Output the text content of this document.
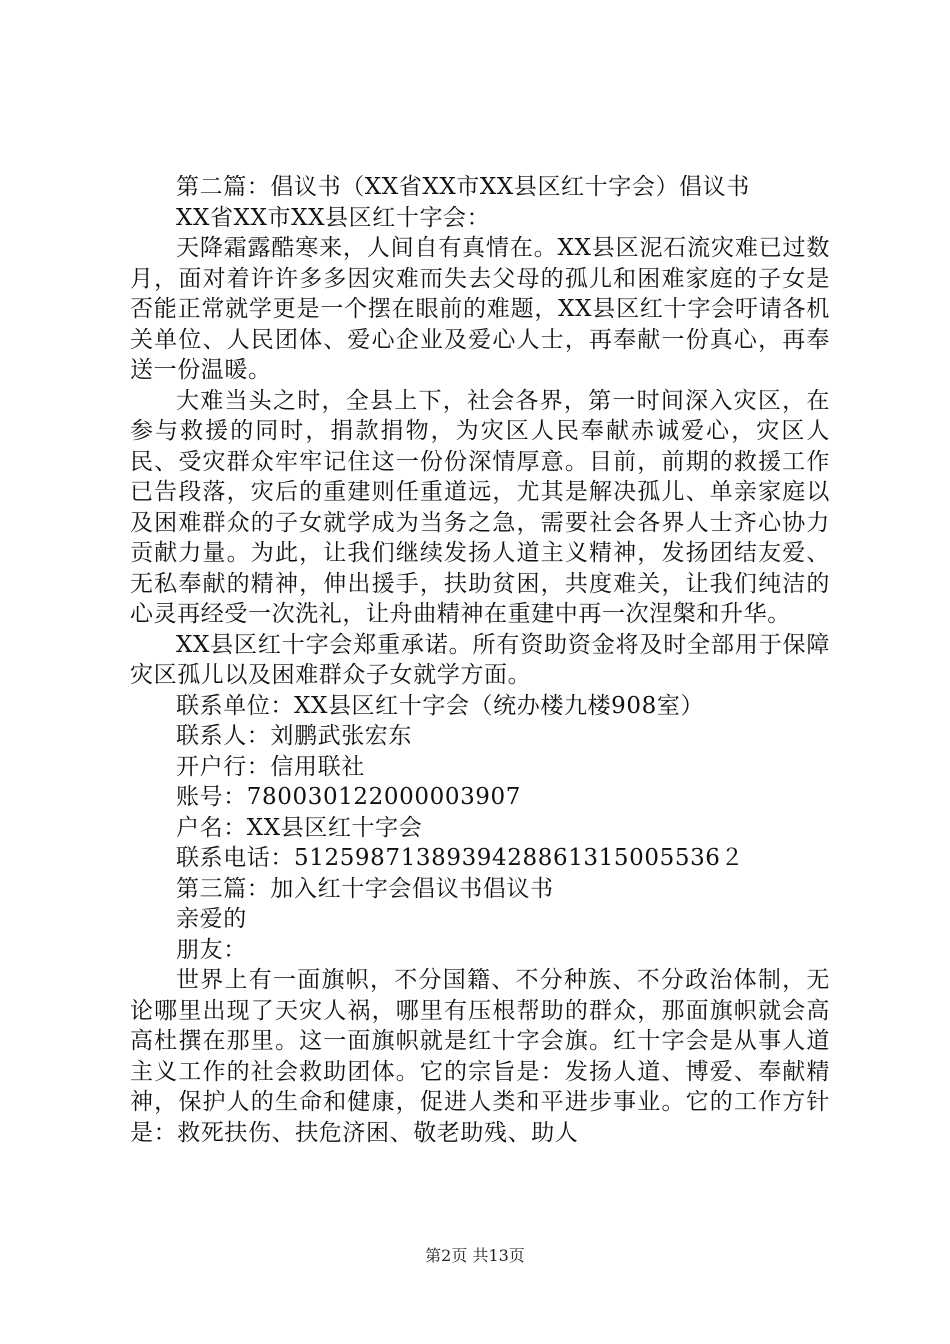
第二篇：倡议书（XX省XX市XX县区红十字会）倡议书
XX省XX市XX县区红十字会：
天降霜露酷寒来，人间自有真情在。XX县区泥石流灾难已过数月，面对着许许多多因灾难而失去父母的孤儿和困难家庭的子女是否能正常就学更是一个摆在眼前的难题，XX县区红十字会吁请各机关单位、人民团体、爱心企业及爱心人士，再奉献一份真心，再奉送一份温暖。
大难当头之时，全县上下，社会各界，第一时间深入灾区，在参与救援的同时，捐款捐物，为灾区人民奉献赤诚爱心，灾区人民、受灾群众牢牢记住这一份份深情厚意。目前，前期的救援工作已告段落，灾后的重建则任重道远，尤其是解决孤儿、单亲家庭以及困难群众的子女就学成为当务之急，需要社会各界人士齐心协力贡献力量。为此，让我们继续发扬人道主义精神，发扬团结友爱、无私奉献的精神，伸出援手，扶助贫困，共度难关，让我们纯洁的心灵再经受一次洗礼，让舟曲精神在重建中再一次涅槃和升华。
XX县区红十字会郑重承诺。所有资助资金将及时全部用于保障灾区孤儿以及困难群众子女就学方面。
联系单位：XX县区红十字会（统办楼九楼908室）
联系人：刘鹏武张宏东
开户行：信用联社
账号：780030122000003907
户名：XX县区红十字会
联系电话：5125987138939428861315005536２
第三篇：加入红十字会倡议书倡议书
亲爱的
朋友：
世界上有一面旗帜，不分国籍、不分种族、不分政治体制，无论哪里出现了天灾人祸，哪里有压根帮助的群众，那面旗帜就会高高杜撰在那里。这一面旗帜就是红十字会旗。红十字会是从事人道主义工作的社会救助团体。它的宗旨是：发扬人道、博爱、奉献精神，保护人的生命和健康，促进人类和平进步事业。它的工作方针是：救死扶伤、扶危济困、敬老助残、助人
第2页 共13页
